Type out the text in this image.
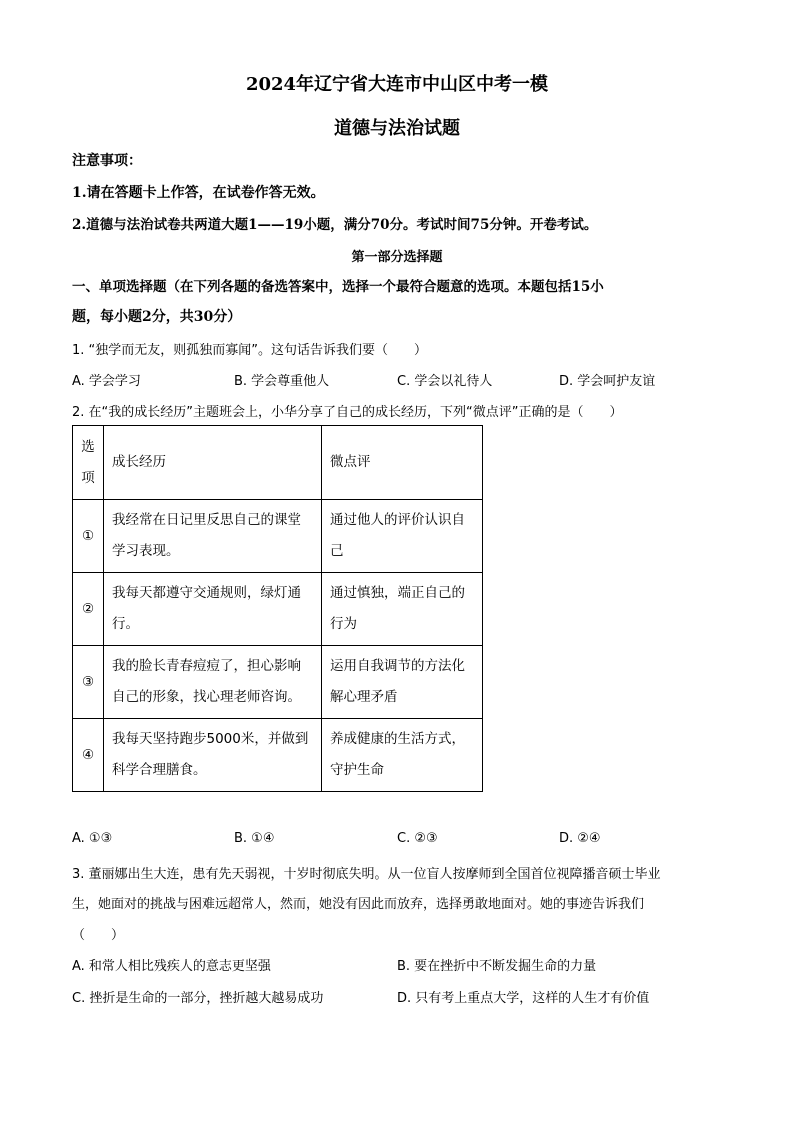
2024年辽宁省大连市中山区中考一模
道德与法治试题
注意事项：
1.请在答题卡上作答，在试卷作答无效。
2.道德与法治试卷共两道大题1——19小题，满分70分。考试时间75分钟。开卷考试。
第一部分选择题
一、单项选择题（在下列各题的备选答案中，选择一个最符合题意的选项。本题包括15小
题，每小题2分，共30分）
1. “独学而无友，则孤独而寡闻”。这句话告诉我们要（　　）
A. 学会学习	B. 学会尊重他人	C. 学会以礼待人	D. 学会呵护友谊
2. 在“我的成长经历”主题班会上，小华分享了自己的成长经历，下列“微点评”正确的是（　　）
选
项	成长经历	微点评
①	我经常在日记里反思自己的课堂
学习表现。	通过他人的评价认识自
己

②	我每天都遵守交通规则，绿灯通
行。	通过慎独，端正自己的
行为

③	我的脸长青春痘痘了，担心影响
自己的形象，找心理老师咨询。	运用自我调节的方法化
解心理矛盾

④	我每天坚持跑步5000米，并做到
科学合理膳食。	养成健康的生活方式，
守护生命
A. ①③	B. ①④	C. ②③	D. ②④
3. 董丽娜出生大连，患有先天弱视，十岁时彻底失明。从一位盲人按摩师到全国首位视障播音硕士毕业
生，她面对的挑战与困难远超常人，然而，她没有因此而放弃，选择勇敢地面对。她的事迹告诉我们
（　　）
A. 和常人相比残疾人的意志更坚强	B. 要在挫折中不断发掘生命的力量
C. 挫折是生命的一部分，挫折越大越易成功	D. 只有考上重点大学，这样的人生才有价值
